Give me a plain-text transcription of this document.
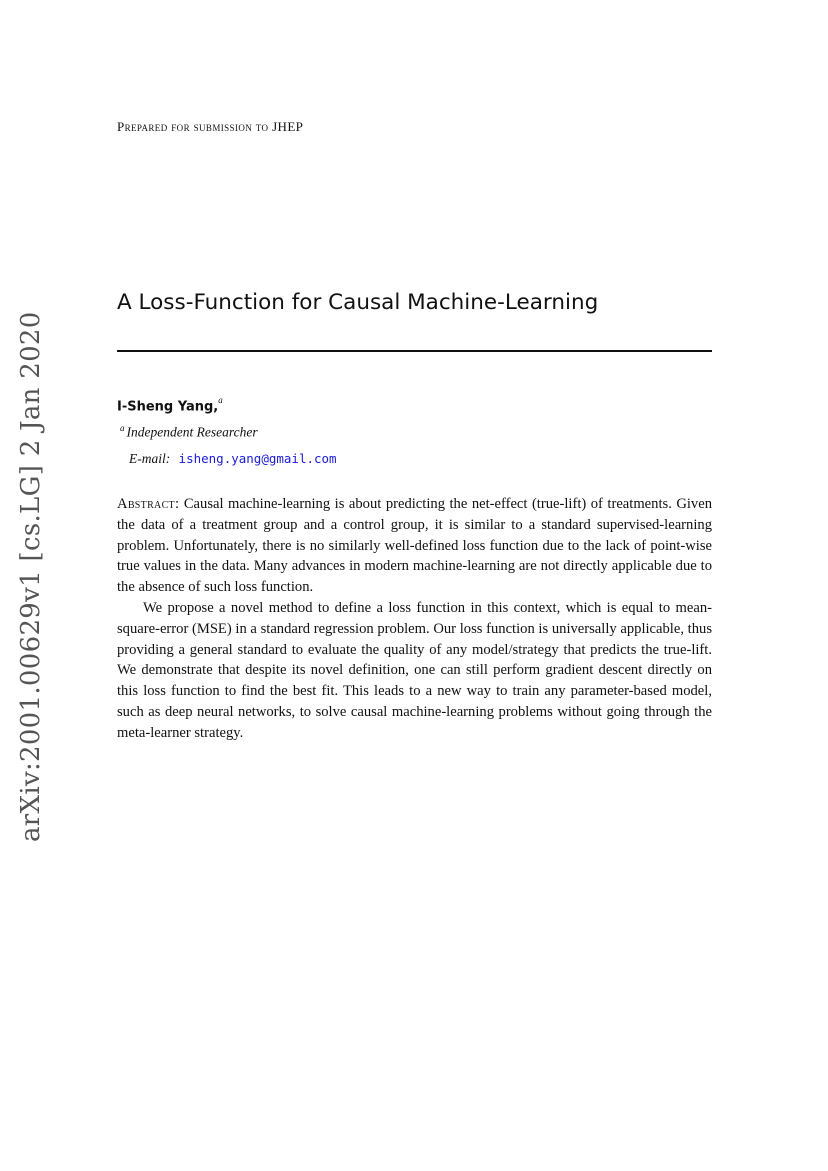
arXiv:2001.00629v1 [cs.LG] 2 Jan 2020
Prepared for submission to JHEP
A Loss-Function for Causal Machine-Learning
I-Sheng Yang,$^a$
$^a$ Independent Researcher
E-mail: isheng.yang@gmail.com

Abstract: Causal machine-learning is about predicting the net-effect (true-lift) of treatments. Given the data of a treatment group and a control group, it is similar to a standard supervised-learning problem. Unfortunately, there is no similarly well-defined loss function due to the lack of point-wise true values in the data. Many advances in modern machine-learning are not directly applicable due to the absence of such loss function.

We propose a novel method to define a loss function in this context, which is equal to mean-square-error (MSE) in a standard regression problem. Our loss function is universally applicable, thus providing a general standard to evaluate the quality of any model/strategy that predicts the true-lift. We demonstrate that despite its novel definition, one can still perform gradient descent directly on this loss function to find the best fit. This leads to a new way to train any parameter-based model, such as deep neural networks, to solve causal machine-learning problems without going through the meta-learner strategy.
